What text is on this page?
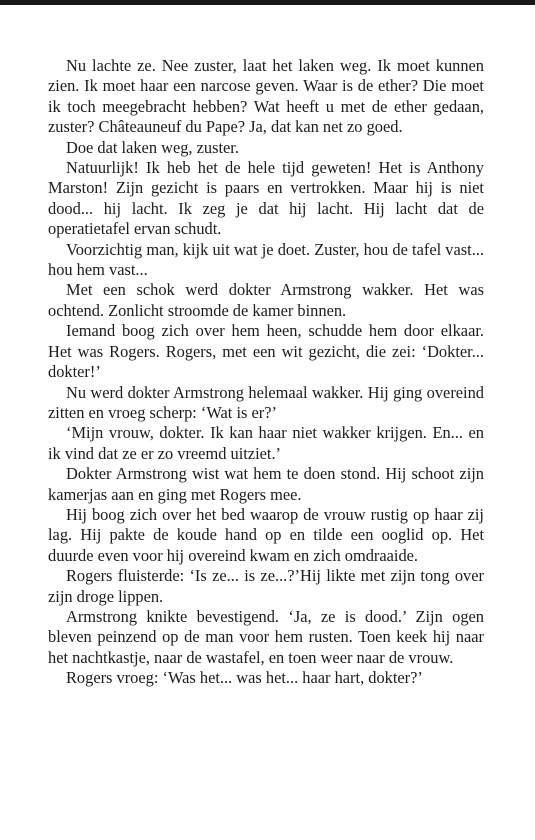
Nu lachte ze. Nee zuster, laat het laken weg. Ik moet kunnen zien. Ik moet haar een narcose geven. Waar is de ether? Die moet ik toch meegebracht hebben? Wat heeft u met de ether gedaan, zuster? Châteauneuf du Pape? Ja, dat kan net zo goed.

Doe dat laken weg, zuster.

Natuurlijk! Ik heb het de hele tijd geweten! Het is Anthony Marston! Zijn gezicht is paars en vertrokken. Maar hij is niet dood... hij lacht. Ik zeg je dat hij lacht. Hij lacht dat de operatietafel ervan schudt.

Voorzichtig man, kijk uit wat je doet. Zuster, hou de tafel vast... hou hem vast...

Met een schok werd dokter Armstrong wakker. Het was ochtend. Zonlicht stroomde de kamer binnen.

Iemand boog zich over hem heen, schudde hem door elkaar. Het was Rogers. Rogers, met een wit gezicht, die zei: ‘Dokter... dokter!’

Nu werd dokter Armstrong helemaal wakker. Hij ging overeind zitten en vroeg scherp: ‘Wat is er?’

‘Mijn vrouw, dokter. Ik kan haar niet wakker krijgen. En... en ik vind dat ze er zo vreemd uitziet.’

Dokter Armstrong wist wat hem te doen stond. Hij schoot zijn kamerjas aan en ging met Rogers mee.

Hij boog zich over het bed waarop de vrouw rustig op haar zij lag. Hij pakte de koude hand op en tilde een ooglid op. Het duurde even voor hij overeind kwam en zich omdraaide.

Rogers fluisterde: ‘Is ze... is ze...?’Hij likte met zijn tong over zijn droge lippen.

Armstrong knikte bevestigend. ‘Ja, ze is dood.’ Zijn ogen bleven peinzend op de man voor hem rusten. Toen keek hij naar het nachtkastje, naar de wastafel, en toen weer naar de vrouw.

Rogers vroeg: ‘Was het... was het... haar hart, dokter?’
